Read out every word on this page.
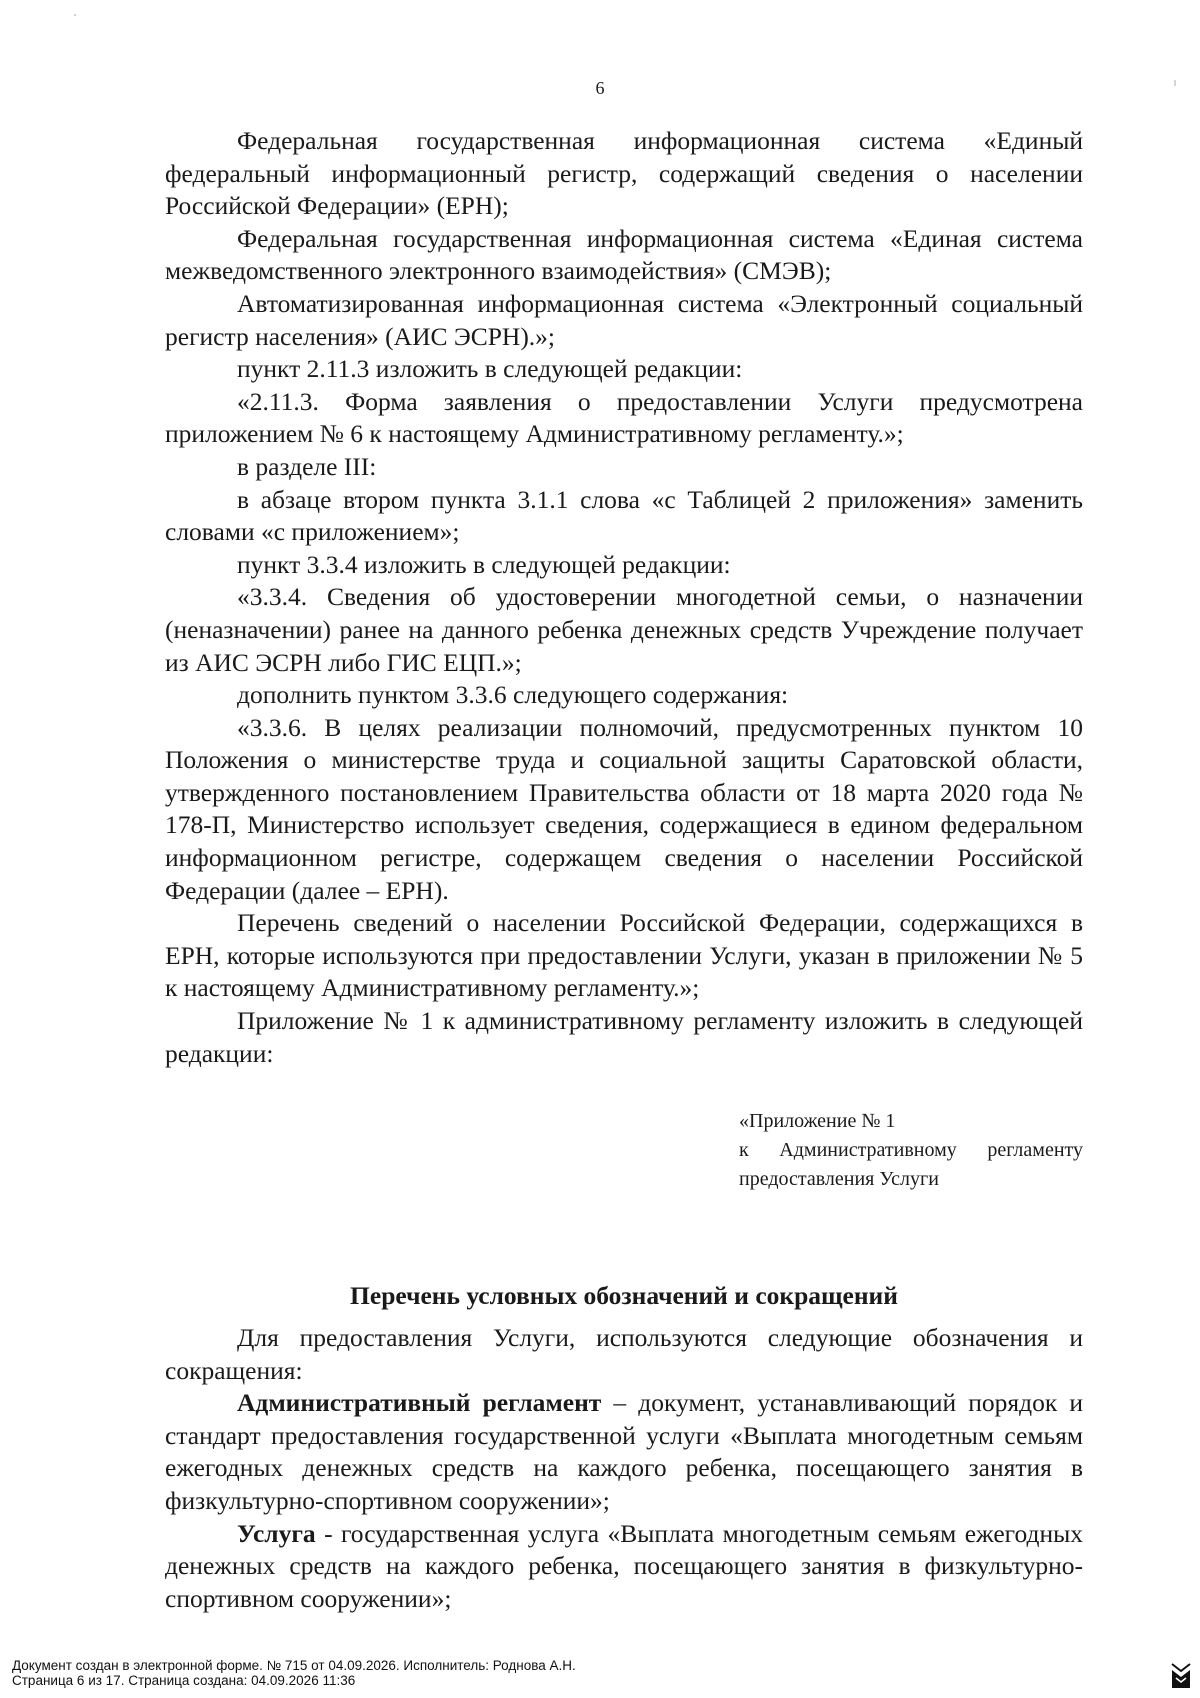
6

Федеральная государственная информационная система «Единый федеральный информационный регистр, содержащий сведения о населении Российской Федерации» (ЕРН);

Федеральная государственная информационная система «Единая система межведомственного электронного взаимодействия» (СМЭВ);

Автоматизированная информационная система «Электронный социальный регистр населения» (АИС ЭСРН).»;

пункт 2.11.3 изложить в следующей редакции:

«2.11.3. Форма заявления о предоставлении Услуги предусмотрена приложением № 6 к настоящему Административному регламенту.»;

в разделе III:

в абзаце втором пункта 3.1.1 слова «с Таблицей 2 приложения» заменить словами «с приложением»;

пункт 3.3.4 изложить в следующей редакции:

«3.3.4. Сведения об удостоверении многодетной семьи, о назначении (неназначении) ранее на данного ребенка денежных средств Учреждение получает из АИС ЭСРН либо ГИС ЕЦП.»;

дополнить пунктом 3.3.6 следующего содержания:

«3.3.6. В целях реализации полномочий, предусмотренных пунктом 10 Положения о министерстве труда и социальной защиты Саратовской области, утвержденного постановлением Правительства области от 18 марта 2020 года № 178-П, Министерство использует сведения, содержащиеся в едином федеральном информационном регистре, содержащем сведения о населении Российской Федерации (далее – ЕРН).

Перечень сведений о населении Российской Федерации, содержащихся в ЕРН, которые используются при предоставлении Услуги, указан в приложении № 5 к настоящему Административному регламенту.»;

Приложение № 1 к административному регламенту изложить в следующей редакции:

«Приложение № 1

к Административному регламенту предоставления Услуги

Перечень условных обозначений и сокращений

Для предоставления Услуги, используются следующие обозначения и сокращения:

Административный регламент – документ, устанавливающий порядок и стандарт предоставления государственной услуги «Выплата многодетным семьям ежегодных денежных средств на каждого ребенка, посещающего занятия в физкультурно-спортивном сооружении»;

Услуга - государственная услуга «Выплата многодетным семьям ежегодных денежных средств на каждого ребенка, посещающего занятия в физкультурно-спортивном сооружении»;

Документ создан в электронной форме. № 715 от 04.09.2026. Исполнитель: Роднова А.Н.
Страница 6 из 17. Страница создана: 04.09.2026 11:36
